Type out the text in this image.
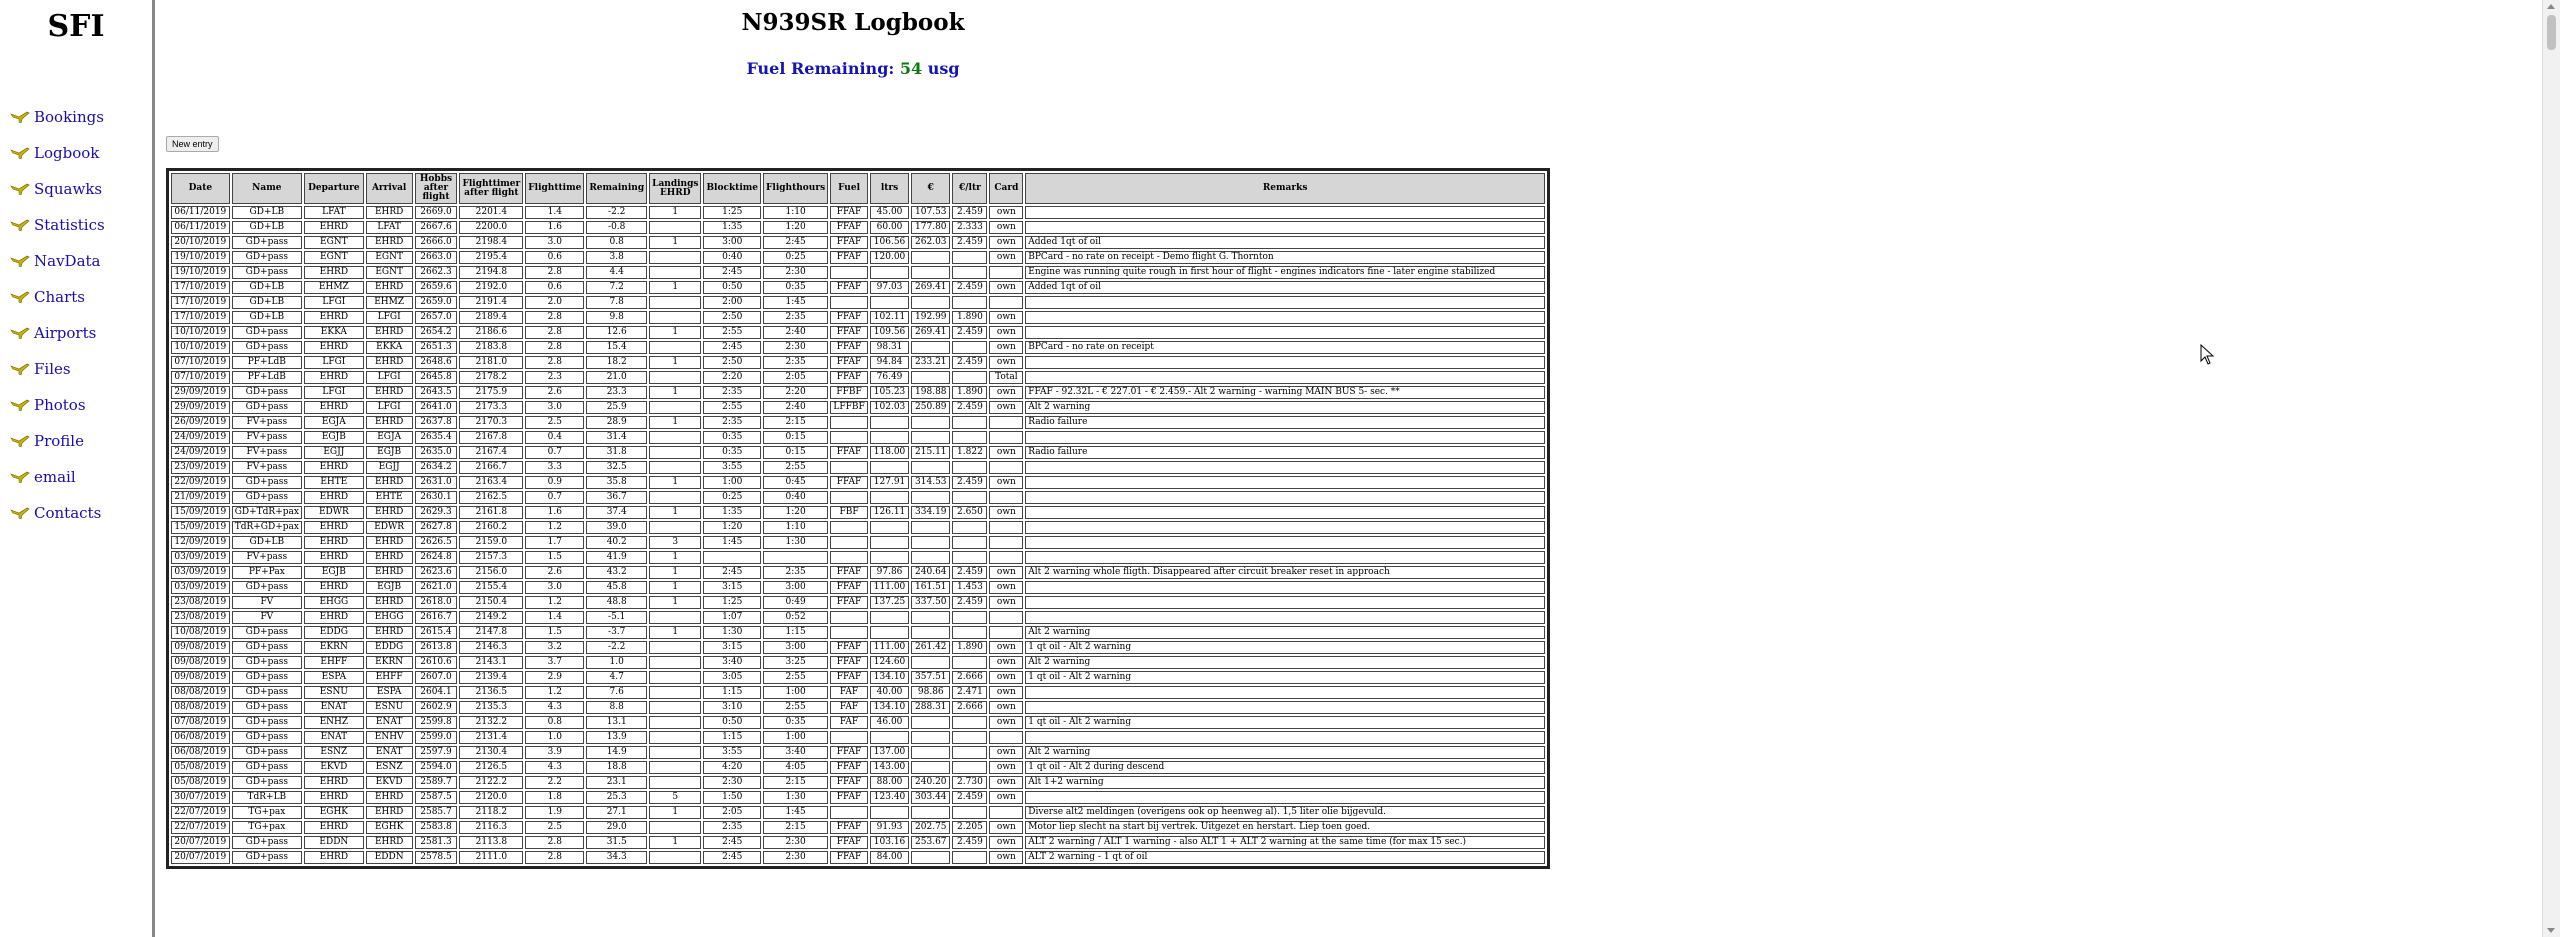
SFI
Bookings
Logbook
Squawks
Statistics
NavData
Charts
Airports
Files
Photos
Profile
email
Contacts
N939SR Logbook
Fuel Remaining: 54 usg
New entry
Date	Name	Departure	Arrival	Hobbs after flight	Flighttimer after flight	Flighttime	Remaining	Landings EHRD	Blocktime	Flighthours	Fuel	ltrs	€	€/ltr	Card	Remarks
06/11/2019	GD+LB	LFAT	EHRD	2669.0	2201.4	1.4	-2.2	1	1:25	1:10	FFAF	45.00	107.53	2.459	own	
06/11/2019	GD+LB	EHRD	LFAT	2667.6	2200.0	1.6	-0.8		1:35	1:20	FFAF	60.00	177.80	2.333	own	
20/10/2019	GD+pass	EGNT	EHRD	2666.0	2198.4	3.0	0.8	1	3:00	2:45	FFAF	106.56	262.03	2.459	own	Added 1qt of oil
19/10/2019	GD+pass	EGNT	EGNT	2663.0	2195.4	0.6	3.8		0:40	0:25	FFAF	120.00			own	BPCard - no rate on receipt - Demo flight G. Thornton
19/10/2019	GD+pass	EHRD	EGNT	2662.3	2194.8	2.8	4.4		2:45	2:30						Engine was running quite rough in first hour of flight - engines indicators fine - later engine stabilized
17/10/2019	GD+LB	EHMZ	EHRD	2659.6	2192.0	0.6	7.2	1	0:50	0:35	FFAF	97.03	269.41	2.459	own	Added 1qt of oil
17/10/2019	GD+LB	LFGI	EHMZ	2659.0	2191.4	2.0	7.8		2:00	1:45						
17/10/2019	GD+LB	EHRD	LFGI	2657.0	2189.4	2.8	9.8		2:50	2:35	FFAF	102.11	192.99	1.890	own	
10/10/2019	GD+pass	EKKA	EHRD	2654.2	2186.6	2.8	12.6	1	2:55	2:40	FFAF	109.56	269.41	2.459	own	
10/10/2019	GD+pass	EHRD	EKKA	2651.3	2183.8	2.8	15.4		2:45	2:30	FFAF	98.31			own	BPCard - no rate on receipt
07/10/2019	PF+LdB	LFGI	EHRD	2648.6	2181.0	2.8	18.2	1	2:50	2:35	FFAF	94.84	233.21	2.459	own	
07/10/2019	PF+LdB	EHRD	LFGI	2645.8	2178.2	2.3	21.0		2:20	2:05	FFAF	76.49			Total	
29/09/2019	GD+pass	LFGI	EHRD	2643.5	2175.9	2.6	23.3	1	2:35	2:20	FFBF	105.23	198.88	1.890	own	FFAF - 92.32L - € 227.01 - € 2.459.- Alt 2 warning - warning MAIN BUS 5- sec. **
29/09/2019	GD+pass	EHRD	LFGI	2641.0	2173.3	3.0	25.9		2:55	2:40	LFFBF	102.03	250.89	2.459	own	Alt 2 warning
26/09/2019	FV+pass	EGJA	EHRD	2637.8	2170.3	2.5	28.9	1	2:35	2:15						Radio failure
24/09/2019	FV+pass	EGJB	EGJA	2635.4	2167.8	0.4	31.4		0:35	0:15						
24/09/2019	FV+pass	EGJJ	EGJB	2635.0	2167.4	0.7	31.8		0:35	0:15	FFAF	118.00	215.11	1.822	own	Radio failure
23/09/2019	FV+pass	EHRD	EGJJ	2634.2	2166.7	3.3	32.5		3:55	2:55						
22/09/2019	GD+pass	EHTE	EHRD	2631.0	2163.4	0.9	35.8	1	1:00	0:45	FFAF	127.91	314.53	2.459	own	
21/09/2019	GD+pass	EHRD	EHTE	2630.1	2162.5	0.7	36.7		0:25	0:40						
15/09/2019	GD+TdR+pax	EDWR	EHRD	2629.3	2161.8	1.6	37.4	1	1:35	1:20	FBF	126.11	334.19	2.650	own	
15/09/2019	TdR+GD+pax	EHRD	EDWR	2627.8	2160.2	1.2	39.0		1:20	1:10						
12/09/2019	GD+LB	EHRD	EHRD	2626.5	2159.0	1.7	40.2	3	1:45	1:30						
03/09/2019	FV+pass	EHRD	EHRD	2624.8	2157.3	1.5	41.9	1								
03/09/2019	PF+Pax	EGJB	EHRD	2623.6	2156.0	2.6	43.2	1	2:45	2:35	FFAF	97.86	240.64	2.459	own	Alt 2 warning whole fligth. Disappeared after circuit breaker reset in approach
03/09/2019	GD+pass	EHRD	EGJB	2621.0	2155.4	3.0	45.8	1	3:15	3:00	FFAF	111.00	161.51	1.453	own	
23/08/2019	FV	EHGG	EHRD	2618.0	2150.4	1.2	48.8	1	1:25	0:49	FFAF	137.25	337.50	2.459	own	
23/08/2019	FV	EHRD	EHGG	2616.7	2149.2	1.4	-5.1		1:07	0:52						
10/08/2019	GD+pass	EDDG	EHRD	2615.4	2147.8	1.5	-3.7	1	1:30	1:15						Alt 2 warning
09/08/2019	GD+pass	EKRN	EDDG	2613.8	2146.3	3.2	-2.2		3:15	3:00	FFAF	111.00	261.42	1.890	own	1 qt oil - Alt 2 warning
09/08/2019	GD+pass	EHFF	EKRN	2610.6	2143.1	3.7	1.0		3:40	3:25	FFAF	124.60			own	Alt 2 warning
09/08/2019	GD+pass	ESPA	EHFF	2607.0	2139.4	2.9	4.7		3:05	2:55	FFAF	134.10	357.51	2.666	own	1 qt oil - Alt 2 warning
08/08/2019	GD+pass	ESNU	ESPA	2604.1	2136.5	1.2	7.6		1:15	1:00	FAF	40.00	98.86	2.471	own	
08/08/2019	GD+pass	ENAT	ESNU	2602.9	2135.3	4.3	8.8		3:10	2:55	FAF	134.10	288.31	2.666	own	
07/08/2019	GD+pass	ENHZ	ENAT	2599.8	2132.2	0.8	13.1		0:50	0:35	FAF	46.00			own	1 qt oil - Alt 2 warning
06/08/2019	GD+pass	ENAT	ENHV	2599.0	2131.4	1.0	13.9		1:15	1:00						
06/08/2019	GD+pass	ESNZ	ENAT	2597.9	2130.4	3.9	14.9		3:55	3:40	FFAF	137.00			own	Alt 2 warning
05/08/2019	GD+pass	EKVD	ESNZ	2594.0	2126.5	4.3	18.8		4:20	4:05	FFAF	143.00			own	1 qt oil - Alt 2 during descend
05/08/2019	GD+pass	EHRD	EKVD	2589.7	2122.2	2.2	23.1		2:30	2:15	FFAF	88.00	240.20	2.730	own	Alt 1+2 warning
30/07/2019	TdR+LB	EHRD	EHRD	2587.5	2120.0	1.8	25.3	5	1:50	1:30	FFAF	123.40	303.44	2.459	own	
22/07/2019	TG+pax	EGHK	EHRD	2585.7	2118.2	1.9	27.1	1	2:05	1:45						Diverse alt2 meldingen (overigens ook op heenweg al). 1,5 liter olie bijgevuld.
22/07/2019	TG+pax	EHRD	EGHK	2583.8	2116.3	2.5	29.0		2:35	2:15	FFAF	91.93	202.75	2.205	own	Motor liep slecht na start bij vertrek. Uitgezet en herstart. Liep toen goed.
20/07/2019	GD+pass	EDDN	EHRD	2581.3	2113.8	2.8	31.5	1	2:45	2:30	FFAF	103.16	253.67	2.459	own	ALT 2 warning / ALT 1 warning - also ALT 1 + ALT 2 warning at the same time (for max 15 sec.)
20/07/2019	GD+pass	EHRD	EDDN	2578.5	2111.0	2.8	34.3		2:45	2:30	FFAF	84.00			own	ALT 2 warning - 1 qt of oil
